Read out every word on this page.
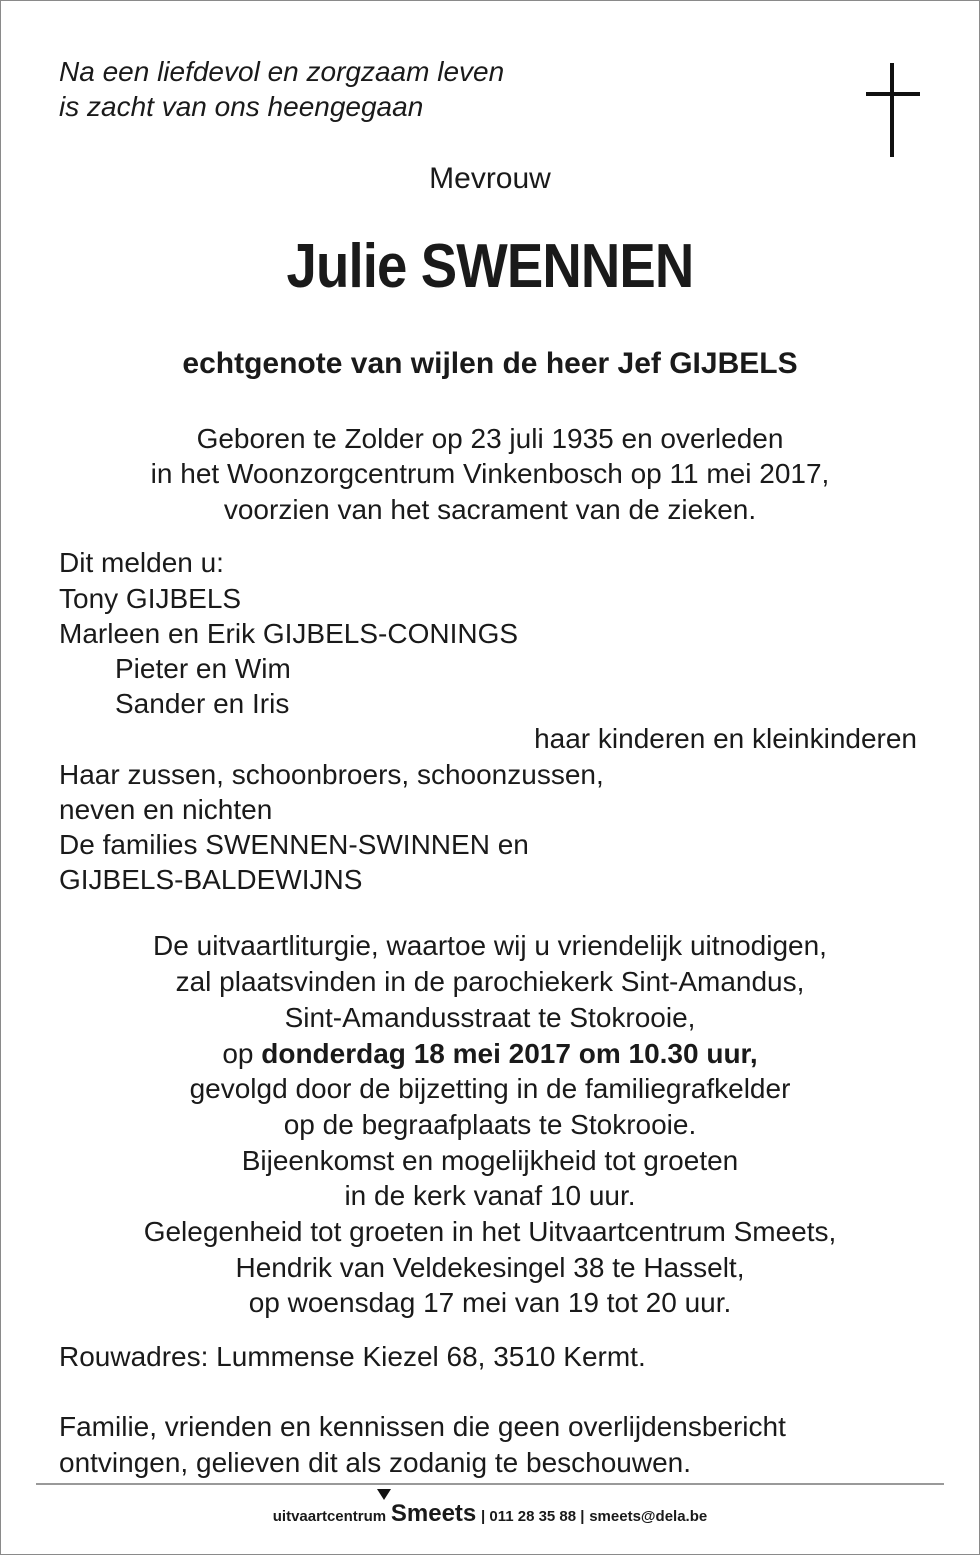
Na een liefdevol en zorgzaam leven
is zacht van ons heengegaan
Mevrouw
Julie SWENNEN
echtgenote van wijlen de heer Jef GIJBELS
Geboren te Zolder op 23 juli 1935 en overleden
in het Woonzorgcentrum Vinkenbosch op 11 mei 2017,
voorzien van het sacrament van de zieken.
Dit melden u:
Tony GIJBELS
Marleen en Erik GIJBELS-CONINGS
Pieter en Wim
Sander en Iris
haar kinderen en kleinkinderen
Haar zussen, schoonbroers, schoonzussen,
neven en nichten
De families SWENNEN-SWINNEN en
GIJBELS-BALDEWIJNS
De uitvaartliturgie, waartoe wij u vriendelijk uitnodigen,
zal plaatsvinden in de parochiekerk Sint-Amandus,
Sint-Amandusstraat te Stokrooie,
op donderdag 18 mei 2017 om 10.30 uur,
gevolgd door de bijzetting in de familiegrafkelder
op de begraafplaats te Stokrooie.
Bijeenkomst en mogelijkheid tot groeten
in de kerk vanaf 10 uur.
Gelegenheid tot groeten in het Uitvaartcentrum Smeets,
Hendrik van Veldekesingel 38 te Hasselt,
op woensdag 17 mei van 19 tot 20 uur.
Rouwadres: Lummense Kiezel 68, 3510 Kermt.
Familie, vrienden en kennissen die geen overlijdensbericht
ontvingen, gelieven dit als zodanig te beschouwen.
uitvaartcentrum Smeets | 011 28 35 88 | smeets@dela.be
